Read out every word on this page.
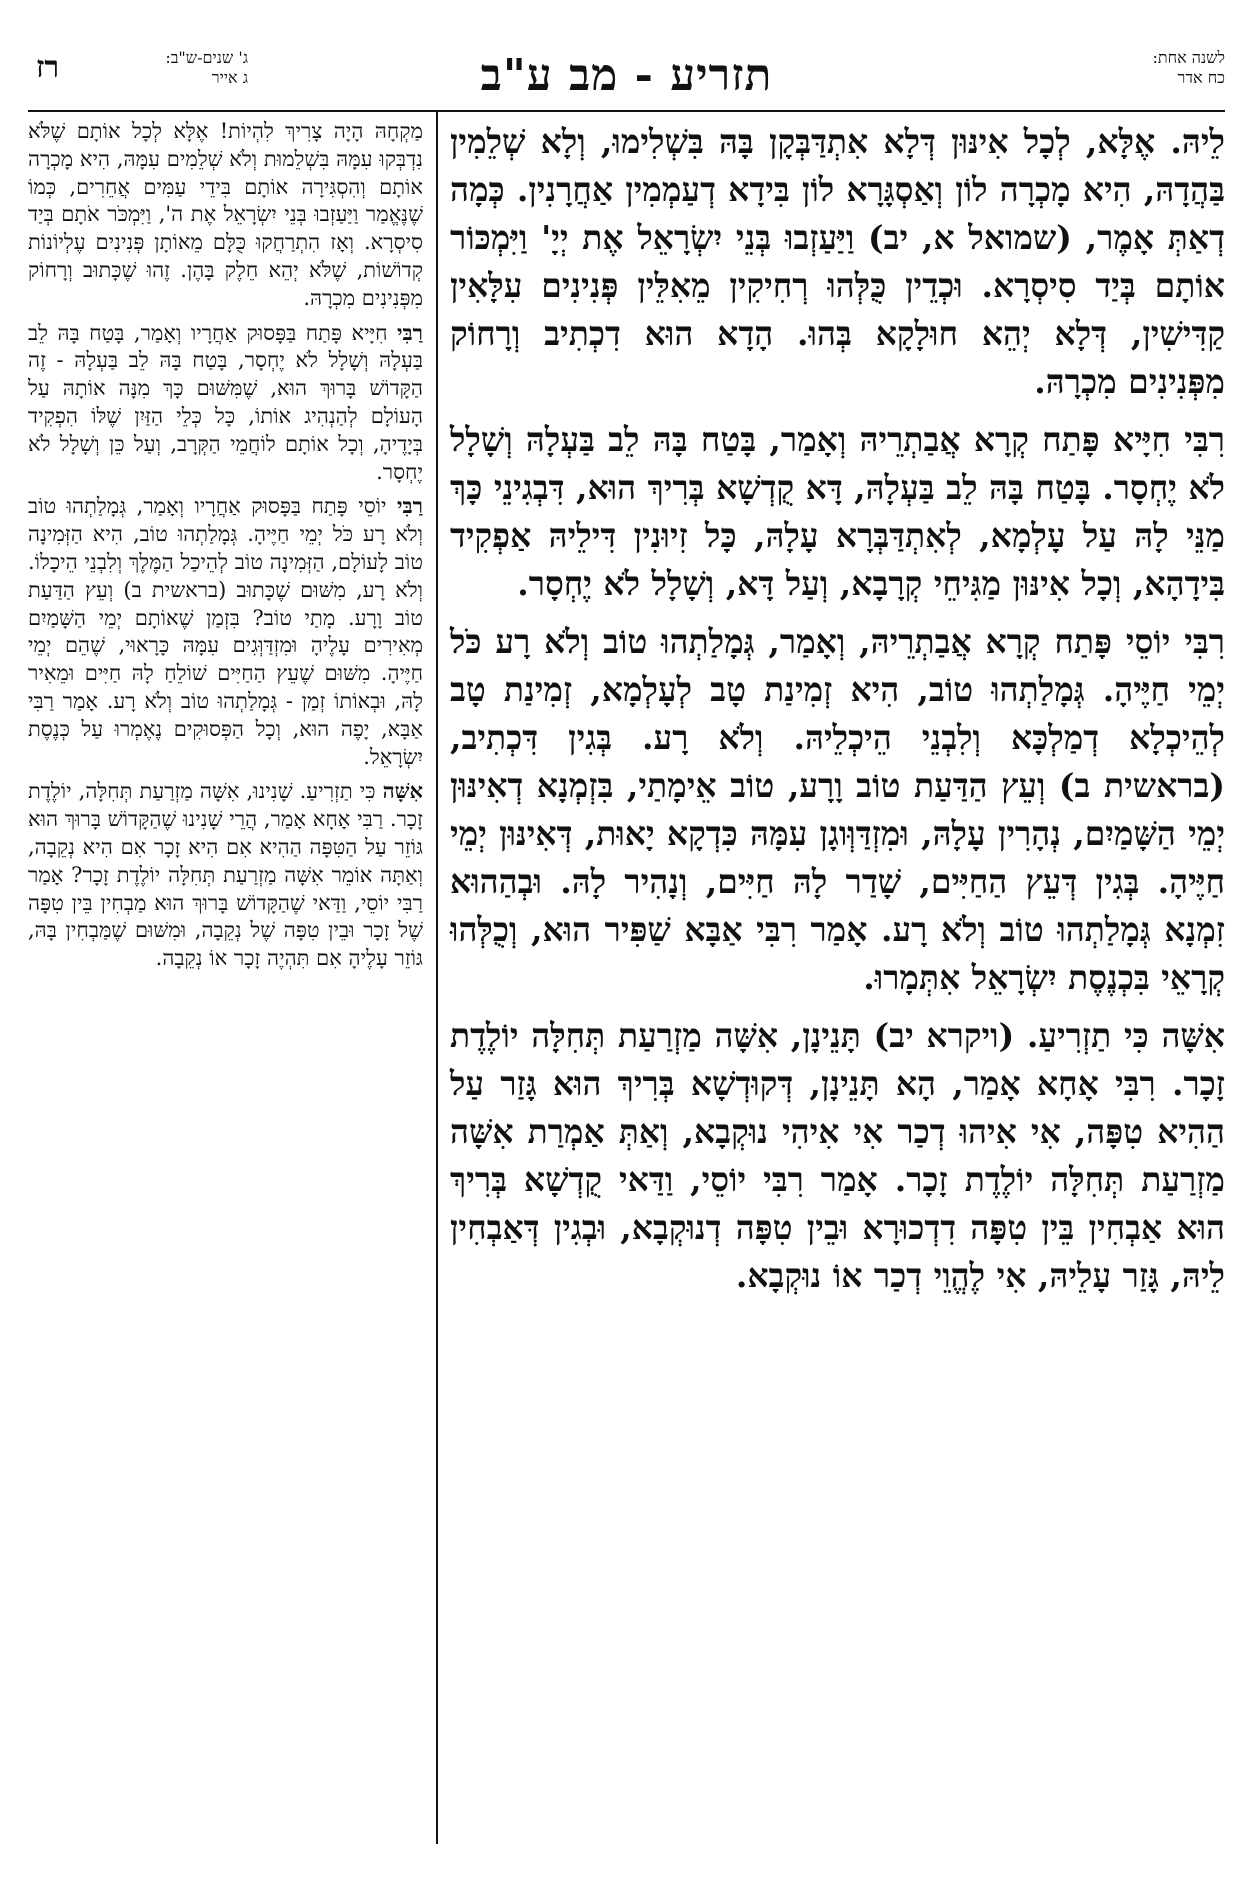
לשנה אחת:
כח אדר
תזריע - מב ע"ב
ג' שנים-ש"ב:
ג אייר
רז

לֵיהּ. אֶלָּא, לְכָל אִינּוּן דְּלָא אִתְדַּבְּקָן בָּהּ בִּשְׁלִימוּ, וְלָא שְׁלֵמִין בַּהֲדָהּ, הִיא מָכְרָה לוֹן וְאַסְגָּרָא לוֹן בִּידָא דְעַמְמִין אַחֲרָנִין. כְּמָה דְאַתְּ אָמֶר, (שמואל א, יב) וַיַּעַזְבוּ בְּנֵי יִשְׂרָאֵל אֶת יְיָ' וַיִּמְכּוֹר אוֹתָם בְּיַד סִיסְרָא. וּכְדֵין כֻּלְּהוּ רְחִיקִין מֵאִלֵּין פְּנִינִים עִלָּאִין קַדִּישִׁין, דְּלָא יְהֵא חוּלָקָא בְּהוּ. הָדָא הוּא דִכְתִיב וְרָחוֹק מִפְּנִינִים מִכְרָהּ.

רִבִּי חִיָּיא פָּתַח קְרָא אֲבַתְרֵיהּ וְאָמַר, בָּטַח בָּהּ לֵב בַּעְלָהּ וְשָׁלָל לֹא יֶחְסָר. בָּטַח בָּהּ לֵב בַּעְלָהּ, דָּא קֻדְשָׁא בְּרִיךְ הוּא, דִּבְגִינֵי כָּךְ מַנֵּי לָהּ עַל עָלְמָא, לְאִתְדַּבְּרָא עָלָהּ, כָּל זִיוּנִין דִּילֵיהּ אַפְקִיד בִּידָהָא, וְכָל אִינּוּן מַגִּיחֵי קְרָבָא, וְעַל דָּא, וְשָׁלָל לֹא יֶחְסָר.

רִבִּי יוֹסֵי פָּתַח קְרָא אֲבַתְרֵיהּ, וְאָמַר, גְּמָלַתְהוּ טוֹב וְלֹא רָע כֹּל יְמֵי חַיֶּיהָ. גְּמָלַתְהוּ טוֹב, הִיא זְמִינַת טָב לְעָלְמָא, זְמִינַת טָב לְהֵיכְלָא דְמַלְכָּא וְלִבְנֵי הֵיכְלֵיהּ. וְלֹא רָע. בְּגִין דִּכְתִיב, (בראשית ב) וְעֵץ הַדַּעַת טוֹב וָרָע, טוֹב אֵימָתַי, בִּזְמְנָא דְאִינּוּן יְמֵי הַשָּׁמַיִם, נְהָרִין עָלָהּ, וּמִזְדַּוְּוגָן עִמָּהּ כִּדְקָא יָאוּת, דְּאִינּוּן יְמֵי חַיֶּיהָ. בְּגִין דְּעֵץ הַחַיִּים, שָׁדַר לָהּ חַיִּים, וְנָהִיר לָהּ. וּבְהַהוּא זִמְנָא גְּמָלַתְהוּ טוֹב וְלֹא רָע. אָמַר רִבִּי אַבָּא שַׁפִּיר הוּא, וְכֻלְּהוּ קְרָאֵי בִּכְנֶסֶת יִשְׂרָאֵל אִתְּמָרוּ.

אִשָּׁה כִּי תַזְרִיעַ. (ויקרא יב) תָּנֵינָן, אִשָּׁה מַזְרַעַת תְּחִלָּה יוֹלֶדֶת זָכָר. רִבִּי אָחָא אָמַר, הָא תָּנֵינָן, דְּקוּדְשָׁא בְּרִיךְ הוּא גָּזַר עַל הַהִיא טִפָּה, אִי אִיהוּ דְכַר אִי אִיהִי נוּקְבָא, וְאַתְּ אַמְרַת אִשָּׁה מַזְרַעַת תְּחִלָּה יוֹלֶדֶת זָכָר. אָמַר רִבִּי יוֹסֵי, וַדַּאי קֻדְשָׁא בְּרִיךְ הוּא אַבְחִין בֵּין טִפָּה דִדְכוּרָא וּבֵין טִפָּה דְנוּקְבָא, וּבְגִין דְּאַבְחִין לֵיהּ, גָּזַר עָלֵיהּ, אִי לֶהֱוֵי דְכַר אוֹ נוּקְבָא.

מַקְחָהּ הָיָה צָרִיךְ לִהְיוֹת! אֶלָּא לְכָל אוֹתָם שֶׁלֹּא נִדְבְּקוּ עִמָּהּ בִּשְׁלֵמוּת וְלֹא שְׁלֵמִים עִמָּהּ, הִיא מָכְרָה אוֹתָם וְהִסְגִּירָה אוֹתָם בִּידֵי עַמִּים אֲחֵרִים, כְּמוֹ שֶׁנֶּאֱמַר וַיַּעַזְבוּ בְּנֵי יִשְׂרָאֵל אֶת ה', וַיִּמְכֹּר אֹתָם בְּיַד סִיסְרָא. וְאָז הִתְרַחֲקוּ כֻּלָּם מֵאוֹתָן פְּנִינִים עֶלְיוֹנוֹת קְדוֹשׁוֹת, שֶׁלֹּא יְהֵא חֵלֶק בָּהֶן. זֶהוּ שֶׁכָּתוּב וְרָחוֹק מִפְּנִינִים מִכְרָהּ.

רַבִּי חִיָּיא פָּתַח בַּפָּסוּק אַחֲרָיו וְאָמַר, בָּטַח בָּהּ לֵב בַּעְלָהּ וְשָׁלָל לֹא יֶחְסָר, בָּטַח בָּהּ לֵב בַּעְלָהּ - זֶה הַקָּדוֹשׁ בָּרוּךְ הוּא, שֶׁמִּשּׁוּם כָּךְ מִנָּה אוֹתָהּ עַל הָעוֹלָם לְהַנְהִיג אוֹתוֹ, כָּל כְּלֵי הַזַּיִן שֶׁלּוֹ הִפְקִיד בְּיָדֶיהָ, וְכָל אוֹתָם לוֹחֲמֵי הַקְּרָב, וְעַל כֵּן וְשָׁלָל לֹא יֶחְסָר.

רַבִּי יוֹסֵי פָּתַח בַּפָּסוּק אַחֲרָיו וְאָמַר, גְּמָלַתְהוּ טוֹב וְלֹא רָע כֹּל יְמֵי חַיֶּיהָ. גְּמָלַתְהוּ טוֹב, הִיא הַזְּמִינָה טוֹב לָעוֹלָם, הַזְּמִינָה טוֹב לְהֵיכַל הַמֶּלֶךְ וְלִבְנֵי הֵיכָלוֹ. וְלֹא רָע, מִשּׁוּם שֶׁכָּתוּב (בראשית ב) וְעֵץ הַדַּעַת טוֹב וָרָע. מָתַי טוֹב? בִּזְמַן שֶׁאוֹתָם יְמֵי הַשָּׁמַיִם מְאִירִים עָלֶיהָ וּמִזְדַּוְּגִים עִמָּהּ כָּרָאוּי, שֶׁהֵם יְמֵי חַיֶּיהָ. מִשּׁוּם שֶׁעֵץ הַחַיִּים שׁוֹלֵחַ לָהּ חַיִּים וּמֵאִיר לָהּ, וּבְאוֹתוֹ זְמַן - גְּמָלַתְהוּ טוֹב וְלֹא רָע. אָמַר רַבִּי אַבָּא, יָפֶה הוּא, וְכָל הַפְּסוּקִים נֶאֶמְרוּ עַל כְּנֶסֶת יִשְׂרָאֵל.

אִשָּׁה כִּי תַזְרִיעַ. שָׁנִינוּ, אִשָּׁה מַזְרַעַת תְּחִלָּה, יוֹלֶדֶת זָכָר. רַבִּי אָחָא אָמַר, הֲרֵי שָׁנִינוּ שֶׁהַקָּדוֹשׁ בָּרוּךְ הוּא גּוֹזֵר עַל הַטִּפָּה הַהִיא אִם הִיא זָכָר אִם הִיא נְקֵבָה, וְאַתָּה אוֹמֵר אִשָּׁה מַזְרַעַת תְּחִלָּה יוֹלֶדֶת זָכָר? אָמַר רַבִּי יוֹסֵי, וַדַּאי שֶׁהַקָּדוֹשׁ בָּרוּךְ הוּא מַבְחִין בֵּין טִפָּה שֶׁל זָכָר וּבֵין טִפָּה שֶׁל נְקֵבָה, וּמִשּׁוּם שֶׁמַּבְחִין בָּהּ, גּוֹזֵר עָלֶיהָ אִם תִּהְיֶה זָכָר אוֹ נְקֵבָה.
